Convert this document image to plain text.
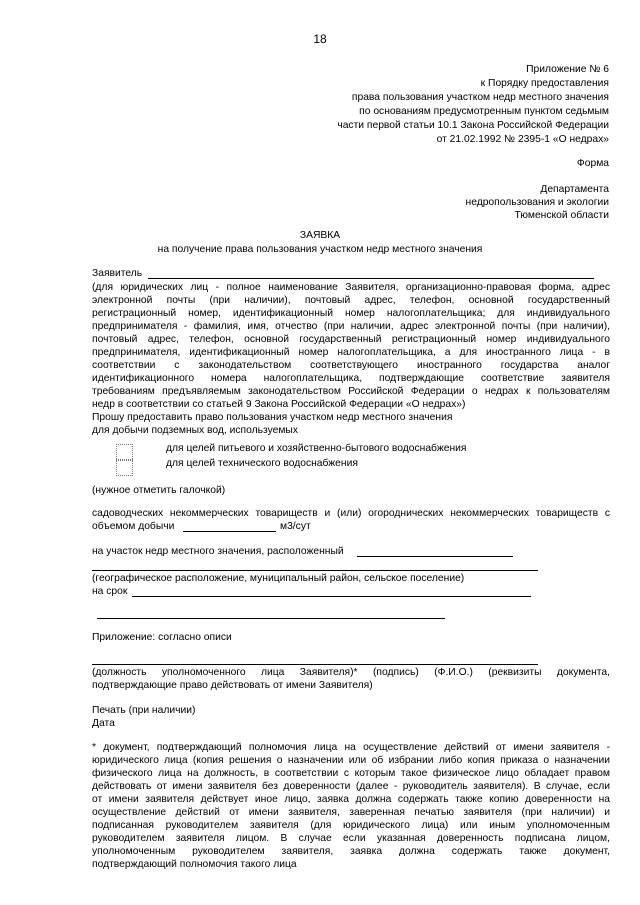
18
Приложение № 6
к Порядку предоставления
права пользования участком недр местного значения
по основаниям предусмотренным пунктом седьмым
части первой статьи 10.1 Закона Российской Федерации
от 21.02.1992 № 2395-1 «О недрах»
Форма
Департамента
недропользования и экологии
Тюменской области
ЗАЯВКА
на получение права пользования участком недр местного значения
Заявитель
(для юридических лиц - полное наименование Заявителя, организационно-правовая форма, адрес
электронной почты (при наличии), почтовый адрес, телефон, основной государственный
регистрационный номер, идентификационный номер налогоплательщика; для индивидуального
предпринимателя - фамилия, имя, отчество (при наличии, адрес электронной почты (при наличии),
почтовый адрес, телефон, основной государственный регистрационный номер индивидуального
предпринимателя, идентификационный номер налогоплательщика, а для иностранного лица - в
соответствии с законодательством соответствующего иностранного государства аналог
идентификационного номера налогоплательщика, подтверждающие соответствие заявителя
требованиям предъявляемым законодательством Российской Федерации о недрах к пользователям
недр в соответствии со статьей 9 Закона Российской Федерации «О недрах»)
Прошу предоставить право пользования участком недр местного значения
для добычи подземных вод, используемых
для целей питьевого и хозяйственно-бытового водоснабжения
для целей технического водоснабжения
(нужное отметить галочкой)
садоводческих некоммерческих товариществ и (или) огороднических некоммерческих товариществ с
объемом добычи	м3/сут
на участок недр местного значения, расположенный
(географическое расположение, муниципальный район, сельское поселение)
на срок
Приложение: согласно описи
(должность уполномоченного лица Заявителя)* (подпись) (Ф.И.О.) (реквизиты документа,
подтверждающие право действовать от имени Заявителя)
Печать (при наличии)
Дата
* документ, подтверждающий полномочия лица на осуществление действий от имени заявителя -
юридического лица (копия решения о назначении или об избрании либо копия приказа о назначении
физического лица на должность, в соответствии с которым такое физическое лицо обладает правом
действовать от имени заявителя без доверенности (далее - руководитель заявителя). В случае, если
от имени заявителя действует иное лицо, заявка должна содержать также копию доверенности на
осуществление действий от имени заявителя, заверенная печатью заявителя (при наличии) и
подписанная руководителем заявителя (для юридического лица) или иным уполномоченным
руководителем заявителя лицом. В случае если указанная доверенность подписана лицом,
уполномоченным руководителем заявителя, заявка должна содержать также документ,
подтверждающий полномочия такого лица
